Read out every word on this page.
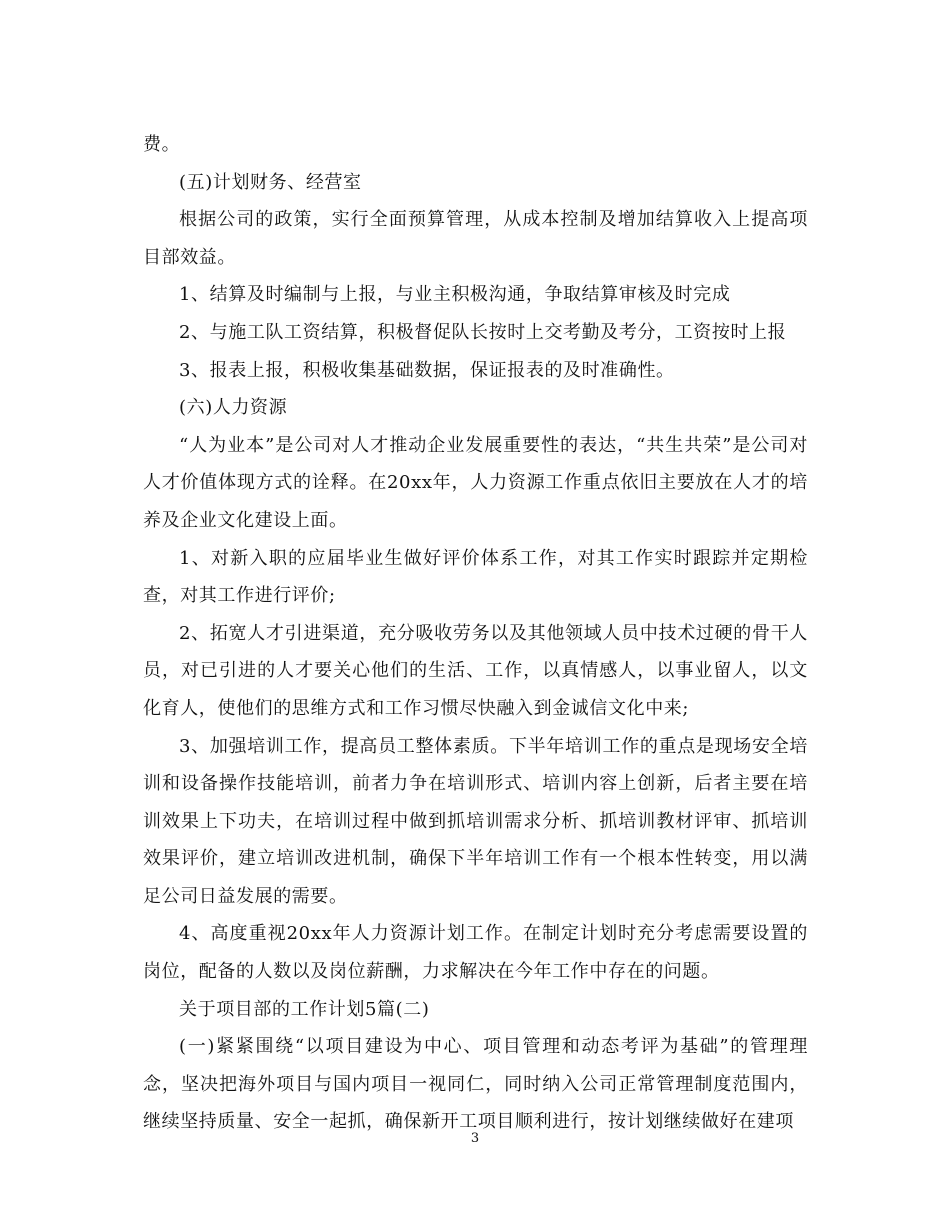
费。

(五)计划财务、经营室

根据公司的政策，实行全面预算管理，从成本控制及增加结算收入上提高项目部效益。

1、结算及时编制与上报，与业主积极沟通，争取结算审核及时完成

2、与施工队工资结算，积极督促队长按时上交考勤及考分，工资按时上报

3、报表上报，积极收集基础数据，保证报表的及时准确性。

(六)人力资源

“人为业本”是公司对人才推动企业发展重要性的表达，“共生共荣”是公司对人才价值体现方式的诠释。在20xx年，人力资源工作重点依旧主要放在人才的培养及企业文化建设上面。

1、对新入职的应届毕业生做好评价体系工作，对其工作实时跟踪并定期检查，对其工作进行评价;

2、拓宽人才引进渠道，充分吸收劳务以及其他领域人员中技术过硬的骨干人员，对已引进的人才要关心他们的生活、工作，以真情感人，以事业留人，以文化育人，使他们的思维方式和工作习惯尽快融入到金诚信文化中来;

3、加强培训工作，提高员工整体素质。下半年培训工作的重点是现场安全培训和设备操作技能培训，前者力争在培训形式、培训内容上创新，后者主要在培训效果上下功夫，在培训过程中做到抓培训需求分析、抓培训教材评审、抓培训效果评价，建立培训改进机制，确保下半年培训工作有一个根本性转变，用以满足公司日益发展的需要。

4、高度重视20xx年人力资源计划工作。在制定计划时充分考虑需要设置的岗位，配备的人数以及岗位薪酬，力求解决在今年工作中存在的问题。

关于项目部的工作计划5篇(二)

(一)紧紧围绕“以项目建设为中心、项目管理和动态考评为基础”的管理理念，坚决把海外项目与国内项目一视同仁，同时纳入公司正常管理制度范围内，继续坚持质量、安全一起抓，确保新开工项目顺利进行，按计划继续做好在建项

3
